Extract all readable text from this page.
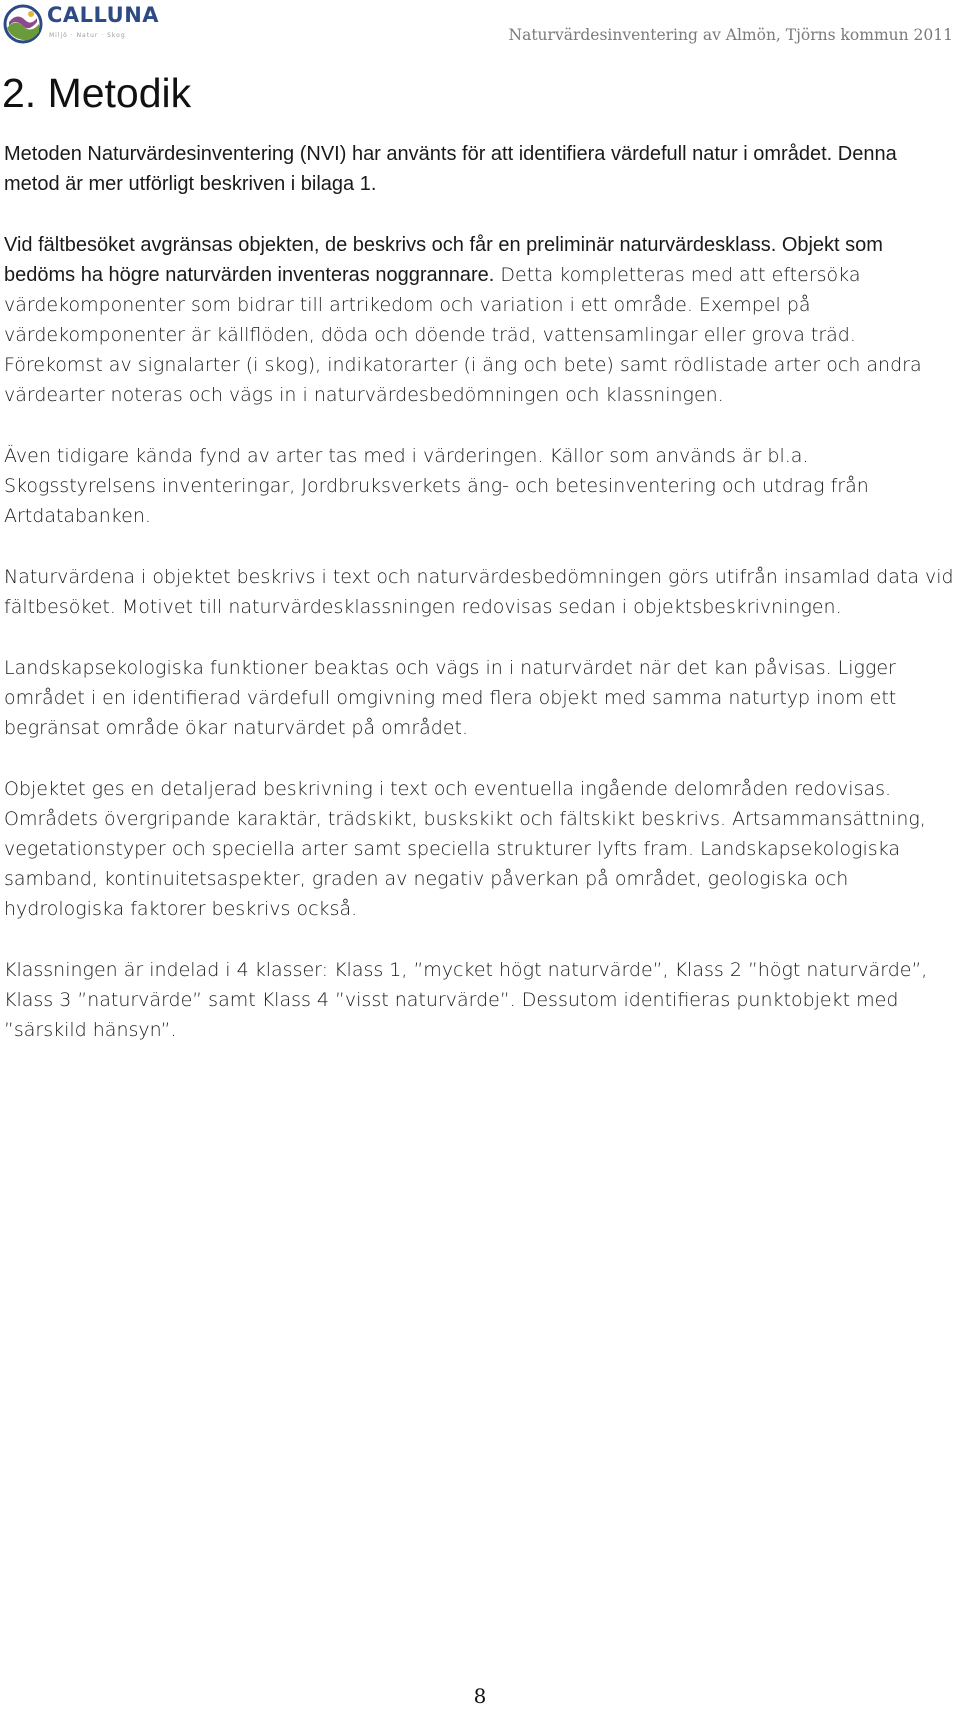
CALLUNA
Miljö · Natur · Skog	Naturvärdesinventering av Almön, Tjörns kommun 2011
2. Metodik

Metoden Naturvärdesinventering (NVI) har använts för att identifiera värdefull natur i området. Denna metod är mer utförligt beskriven i bilaga 1.

Vid fältbesöket avgränsas objekten, de beskrivs och får en preliminär naturvärdesklass. Objekt som bedöms ha högre naturvärden inventeras noggrannare. Detta kompletteras med att eftersöka värdekomponenter som bidrar till artrikedom och variation i ett område. Exempel på värdekomponenter är källflöden, döda och döende träd, vattensamlingar eller grova träd. Förekomst av signalarter (i skog), indikatorarter (i äng och bete) samt rödlistade arter och andra värdearter noteras och vägs in i naturvärdesbedömningen och klassningen.

Även tidigare kända fynd av arter tas med i värderingen. Källor som används är bl.a. Skogsstyrelsens inventeringar, Jordbruksverkets äng- och betesinventering och utdrag från Artdatabanken.

Naturvärdena i objektet beskrivs i text och naturvärdesbedömningen görs utifrån insamlad data vid fältbesöket. Motivet till naturvärdesklassningen redovisas sedan i objektsbeskrivningen.

Landskapsekologiska funktioner beaktas och vägs in i naturvärdet när det kan påvisas. Ligger området i en identifierad värdefull omgivning med flera objekt med samma naturtyp inom ett begränsat område ökar naturvärdet på området.

Objektet ges en detaljerad beskrivning i text och eventuella ingående delområden redovisas. Områdets övergripande karaktär, trädskikt, buskskikt och fältskikt beskrivs. Artsammansättning, vegetationstyper och speciella arter samt speciella strukturer lyfts fram. Landskapsekologiska samband, kontinuitetsaspekter, graden av negativ påverkan på området, geologiska och hydrologiska faktorer beskrivs också.

Klassningen är indelad i 4 klasser: Klass 1, ”mycket högt naturvärde”, Klass 2 ”högt naturvärde”, Klass 3 ”naturvärde” samt Klass 4 ”visst naturvärde”. Dessutom identifieras punktobjekt med ”särskild hänsyn”.

8
